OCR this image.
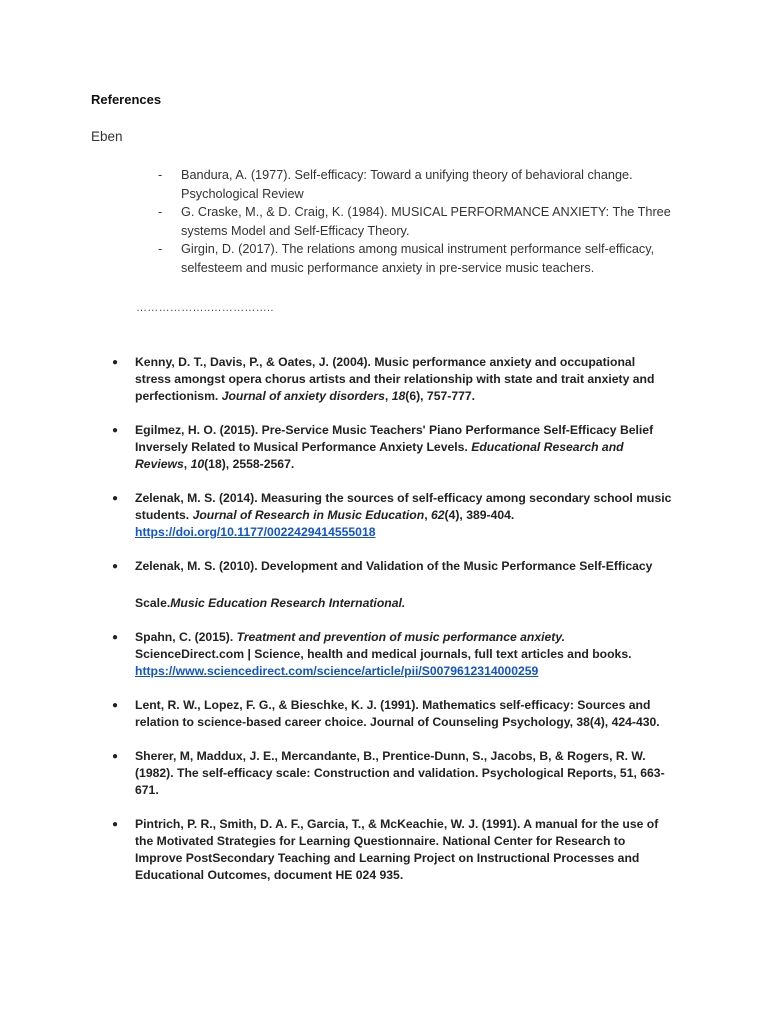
References
Eben
- Bandura, A. (1977). Self-efficacy: Toward a unifying theory of behavioral change. Psychological Review
- G. Craske, M., & D. Craig, K. (1984). MUSICAL PERFORMANCE ANXIETY: The Three systems Model and Self-Efficacy Theory.
- Girgin, D. (2017). The relations among musical instrument performance self-efficacy, selfesteem and music performance anxiety in pre-service music teachers.
………………..……………..
● Kenny, D. T., Davis, P., & Oates, J. (2004). Music performance anxiety and occupational stress amongst opera chorus artists and their relationship with state and trait anxiety and perfectionism. Journal of anxiety disorders, 18(6), 757-777.
● Egilmez, H. O. (2015). Pre-Service Music Teachers' Piano Performance Self-Efficacy Belief Inversely Related to Musical Performance Anxiety Levels. Educational Research and Reviews, 10(18), 2558-2567.
● Zelenak, M. S. (2014). Measuring the sources of self-efficacy among secondary school music students. Journal of Research in Music Education, 62(4), 389-404.
https://doi.org/10.1177/0022429414555018
● Zelenak, M. S. (2010). Development and Validation of the Music Performance Self-Efficacy
Scale.Music Education Research International.
● Spahn, C. (2015). Treatment and prevention of music performance anxiety.
ScienceDirect.com | Science, health and medical journals, full text articles and books.
https://www.sciencedirect.com/science/article/pii/S0079612314000259
● Lent, R. W., Lopez, F. G., & Bieschke, K. J. (1991). Mathematics self-efficacy: Sources and relation to science-based career choice. Journal of Counseling Psychology, 38(4), 424-430.
● Sherer, M, Maddux, J. E., Mercandante, B., Prentice-Dunn, S., Jacobs, B, & Rogers, R. W. (1982). The self-efficacy scale: Construction and validation. Psychological Reports, 51, 663-671.
● Pintrich, P. R., Smith, D. A. F., Garcia, T., & McKeachie, W. J. (1991). A manual for the use of the Motivated Strategies for Learning Questionnaire. National Center for Research to Improve PostSecondary Teaching and Learning Project on Instructional Processes and Educational Outcomes, document HE 024 935.
